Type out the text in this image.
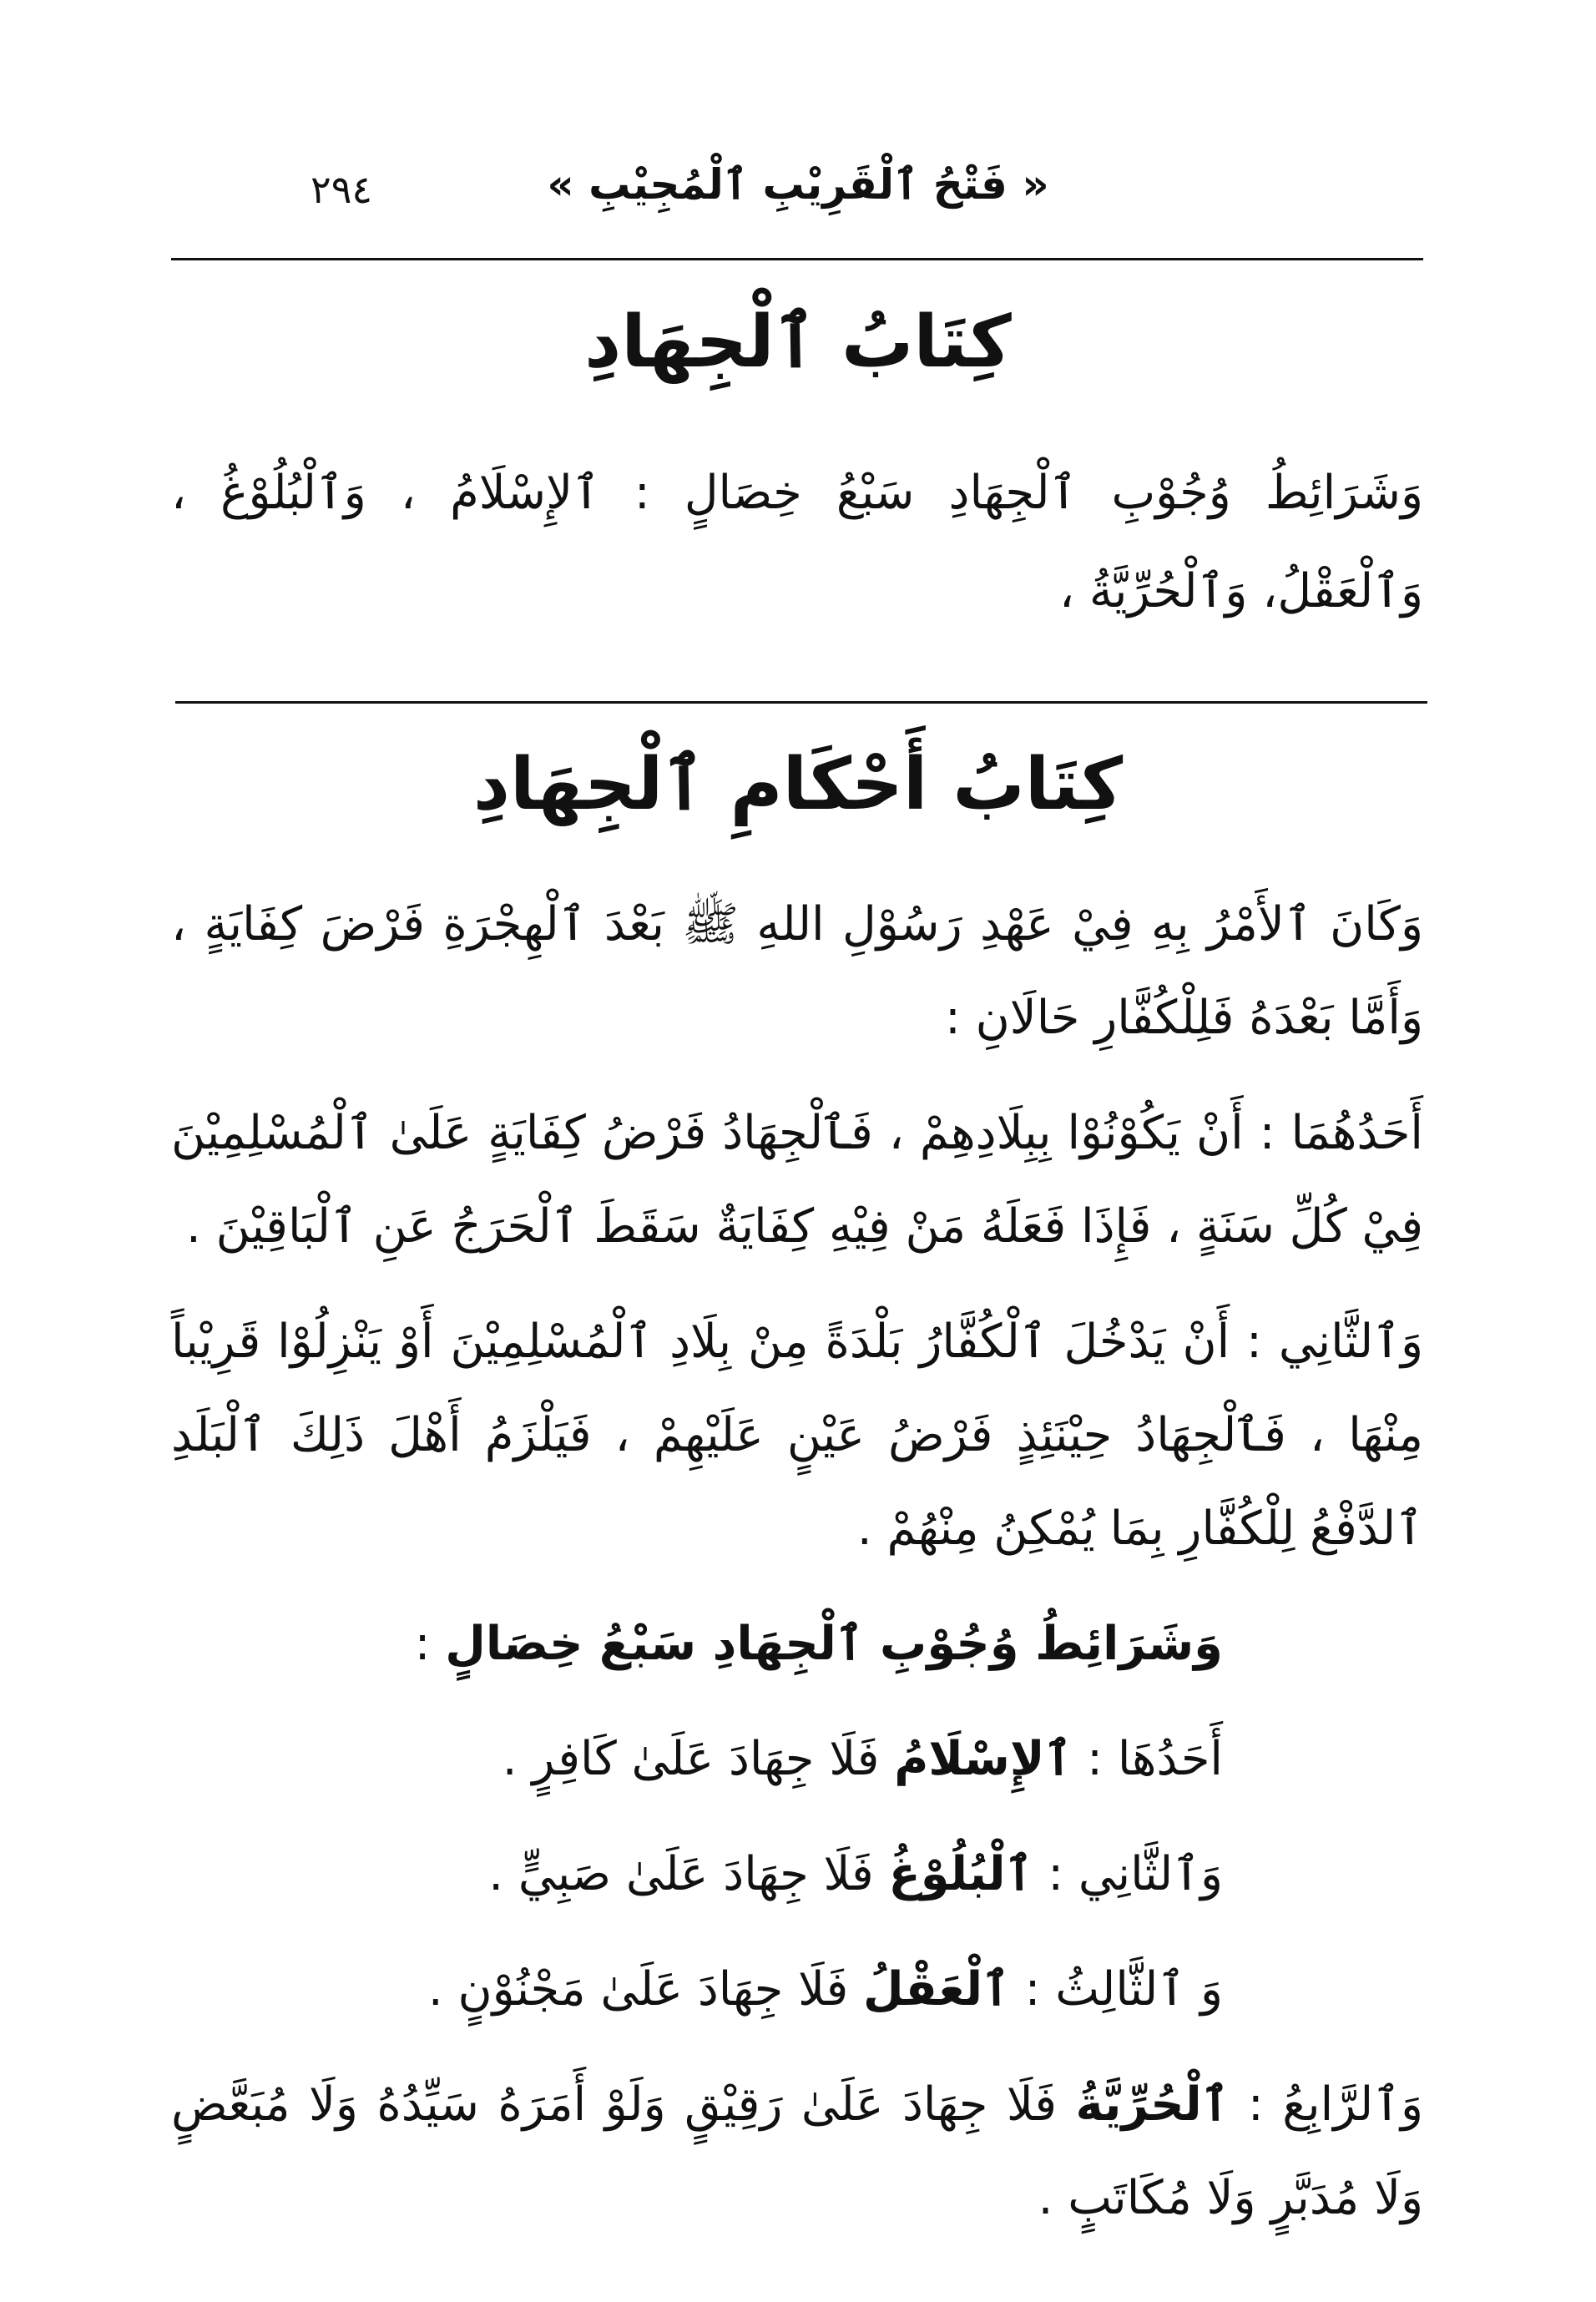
٢٩٤	« فَتْحُ ٱلْقَرِيْبِ ٱلْمُجِيْبِ »
كِتَابُ ٱلْجِهَادِ
وَشَرَائِطُ وُجُوْبِ ٱلْجِهَادِ سَبْعُ خِصَالٍ : ٱلإِسْلَامُ ، وَٱلْبُلُوْغُ ، وَٱلْعَقْلُ، وَٱلْحُرِّيَّةُ ،
كِتَابُ أَحْكَامِ ٱلْجِهَادِ

وَكَانَ ٱلأَمْرُ بِهِ فِيْ عَهْدِ رَسُوْلِ اللهِ ﷺ بَعْدَ ٱلْهِجْرَةِ فَرْضَ كِفَايَةٍ ، وَأَمَّا بَعْدَهُ فَلِلْكُفَّارِ حَالَانِ :

أَحَدُهُمَا : أَنْ يَكُوْنُوْا بِبِلَادِهِمْ ، فَٱلْجِهَادُ فَرْضُ كِفَايَةٍ عَلَىٰ ٱلْمُسْلِمِيْنَ فِيْ كُلِّ سَنَةٍ ، فَإِذَا فَعَلَهُ مَنْ فِيْهِ كِفَايَةٌ سَقَطَ ٱلْحَرَجُ عَنِ ٱلْبَاقِيْنَ .

وَٱلثَّانِي : أَنْ يَدْخُلَ ٱلْكُفَّارُ بَلْدَةً مِنْ بِلَادِ ٱلْمُسْلِمِيْنَ أَوْ يَنْزِلُوْا قَرِيْباً مِنْهَا ، فَٱلْجِهَادُ حِيْنَئِذٍ فَرْضُ عَيْنٍ عَلَيْهِمْ ، فَيَلْزَمُ أَهْلَ ذَلِكَ ٱلْبَلَدِ ٱلدَّفْعُ لِلْكُفَّارِ بِمَا يُمْكِنُ مِنْهُمْ .

وَشَرَائِطُ وُجُوْبِ ٱلْجِهَادِ سَبْعُ خِصَالٍ :

أَحَدُهَا : ٱلإِسْلَامُ فَلَا جِهَادَ عَلَىٰ كَافِرٍ .

وَٱلثَّانِي : ٱلْبُلُوْغُ فَلَا جِهَادَ عَلَىٰ صَبِيٍّ .

وَ ٱلثَّالِثُ : ٱلْعَقْلُ فَلَا جِهَادَ عَلَىٰ مَجْنُوْنٍ .

وَٱلرَّابِعُ : ٱلْحُرِّيَّةُ فَلَا جِهَادَ عَلَىٰ رَقِيْقٍ وَلَوْ أَمَرَهُ سَيِّدُهُ وَلَا مُبَعَّضٍ وَلَا مُدَبَّرٍ وَلَا مُكَاتَبٍ .
